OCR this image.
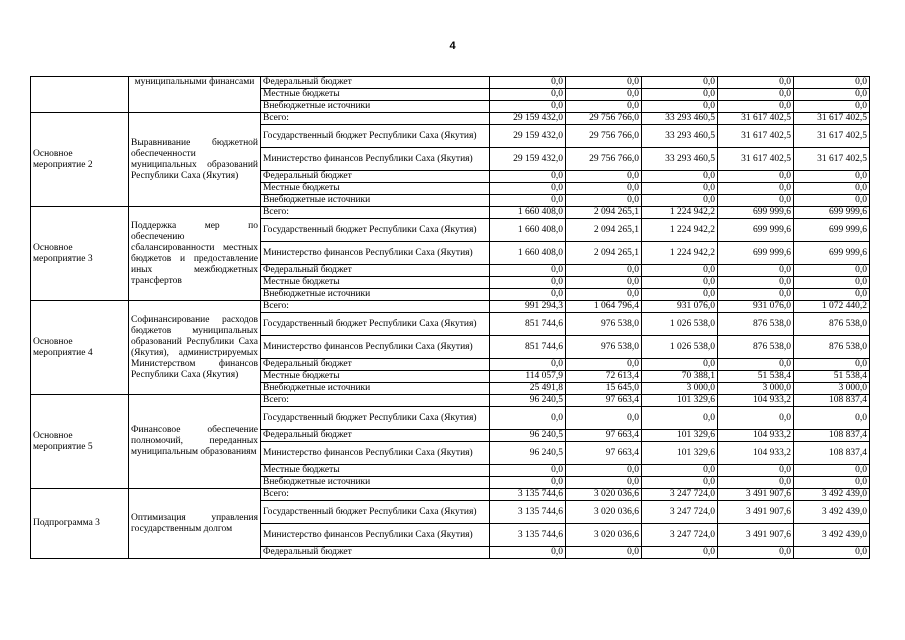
4
	муниципальными финансами	Федеральный бюджет	0,0	0,0	0,0	0,0	0,0
		Местные бюджеты	0,0	0,0	0,0	0,0	0,0
		Внебюджетные источники	0,0	0,0	0,0	0,0	0,0
Основное мероприятие 2	Выравнивание бюджетной обеспеченности муниципальных образований Республики Саха (Якутия)	Всего:	29 159 432,0	29 756 766,0	33 293 460,5	31 617 402,5	31 617 402,5
		Государственный бюджет Республики Саха (Якутия)	29 159 432,0	29 756 766,0	33 293 460,5	31 617 402,5	31 617 402,5
		Министерство финансов Республики Саха (Якутия)	29 159 432,0	29 756 766,0	33 293 460,5	31 617 402,5	31 617 402,5
		Федеральный бюджет	0,0	0,0	0,0	0,0	0,0
		Местные бюджеты	0,0	0,0	0,0	0,0	0,0
		Внебюджетные источники	0,0	0,0	0,0	0,0	0,0
Основное мероприятие 3	Поддержка мер по обеспечению сбалансированности местных бюджетов и предоставление иных межбюджетных трансфертов	Всего:	1 660 408,0	2 094 265,1	1 224 942,2	699 999,6	699 999,6
		Государственный бюджет Республики Саха (Якутия)	1 660 408,0	2 094 265,1	1 224 942,2	699 999,6	699 999,6
		Министерство финансов Республики Саха (Якутия)	1 660 408,0	2 094 265,1	1 224 942,2	699 999,6	699 999,6
		Федеральный бюджет	0,0	0,0	0,0	0,0	0,0
		Местные бюджеты	0,0	0,0	0,0	0,0	0,0
		Внебюджетные источники	0,0	0,0	0,0	0,0	0,0
Основное мероприятие 4	Софинансирование расходов бюджетов муниципальных образований Республики Саха (Якутия), администрируемых Министерством финансов Республики Саха (Якутия)	Всего:	991 294,3	1 064 796,4	931 076,0	931 076,0	1 072 440,2
		Государственный бюджет Республики Саха (Якутия)	851 744,6	976 538,0	1 026 538,0	876 538,0	876 538,0
		Министерство финансов Республики Саха (Якутия)	851 744,6	976 538,0	1 026 538,0	876 538,0	876 538,0
		Федеральный бюджет	0,0	0,0	0,0	0,0	0,0
		Местные бюджеты	114 057,9	72 613,4	70 388,1	51 538,4	51 538,4
		Внебюджетные источники	25 491,8	15 645,0	3 000,0	3 000,0	3 000,0
Основное мероприятие 5	Финансовое обеспечение полномочий, переданных муниципальным образованиям	Всего:	96 240,5	97 663,4	101 329,6	104 933,2	108 837,4
		Государственный бюджет Республики Саха (Якутия)	0,0	0,0	0,0	0,0	0,0
		Федеральный бюджет	96 240,5	97 663,4	101 329,6	104 933,2	108 837,4
		Министерство финансов Республики Саха (Якутия)	96 240,5	97 663,4	101 329,6	104 933,2	108 837,4
		Местные бюджеты	0,0	0,0	0,0	0,0	0,0
		Внебюджетные источники	0,0	0,0	0,0	0,0	0,0
Подпрограмма 3	Оптимизация управления государственным долгом	Всего:	3 135 744,6	3 020 036,6	3 247 724,0	3 491 907,6	3 492 439,0
		Государственный бюджет Республики Саха (Якутия)	3 135 744,6	3 020 036,6	3 247 724,0	3 491 907,6	3 492 439,0
		Министерство финансов Республики Саха (Якутия)	3 135 744,6	3 020 036,6	3 247 724,0	3 491 907,6	3 492 439,0
		Федеральный бюджет	0,0	0,0	0,0	0,0	0,0
